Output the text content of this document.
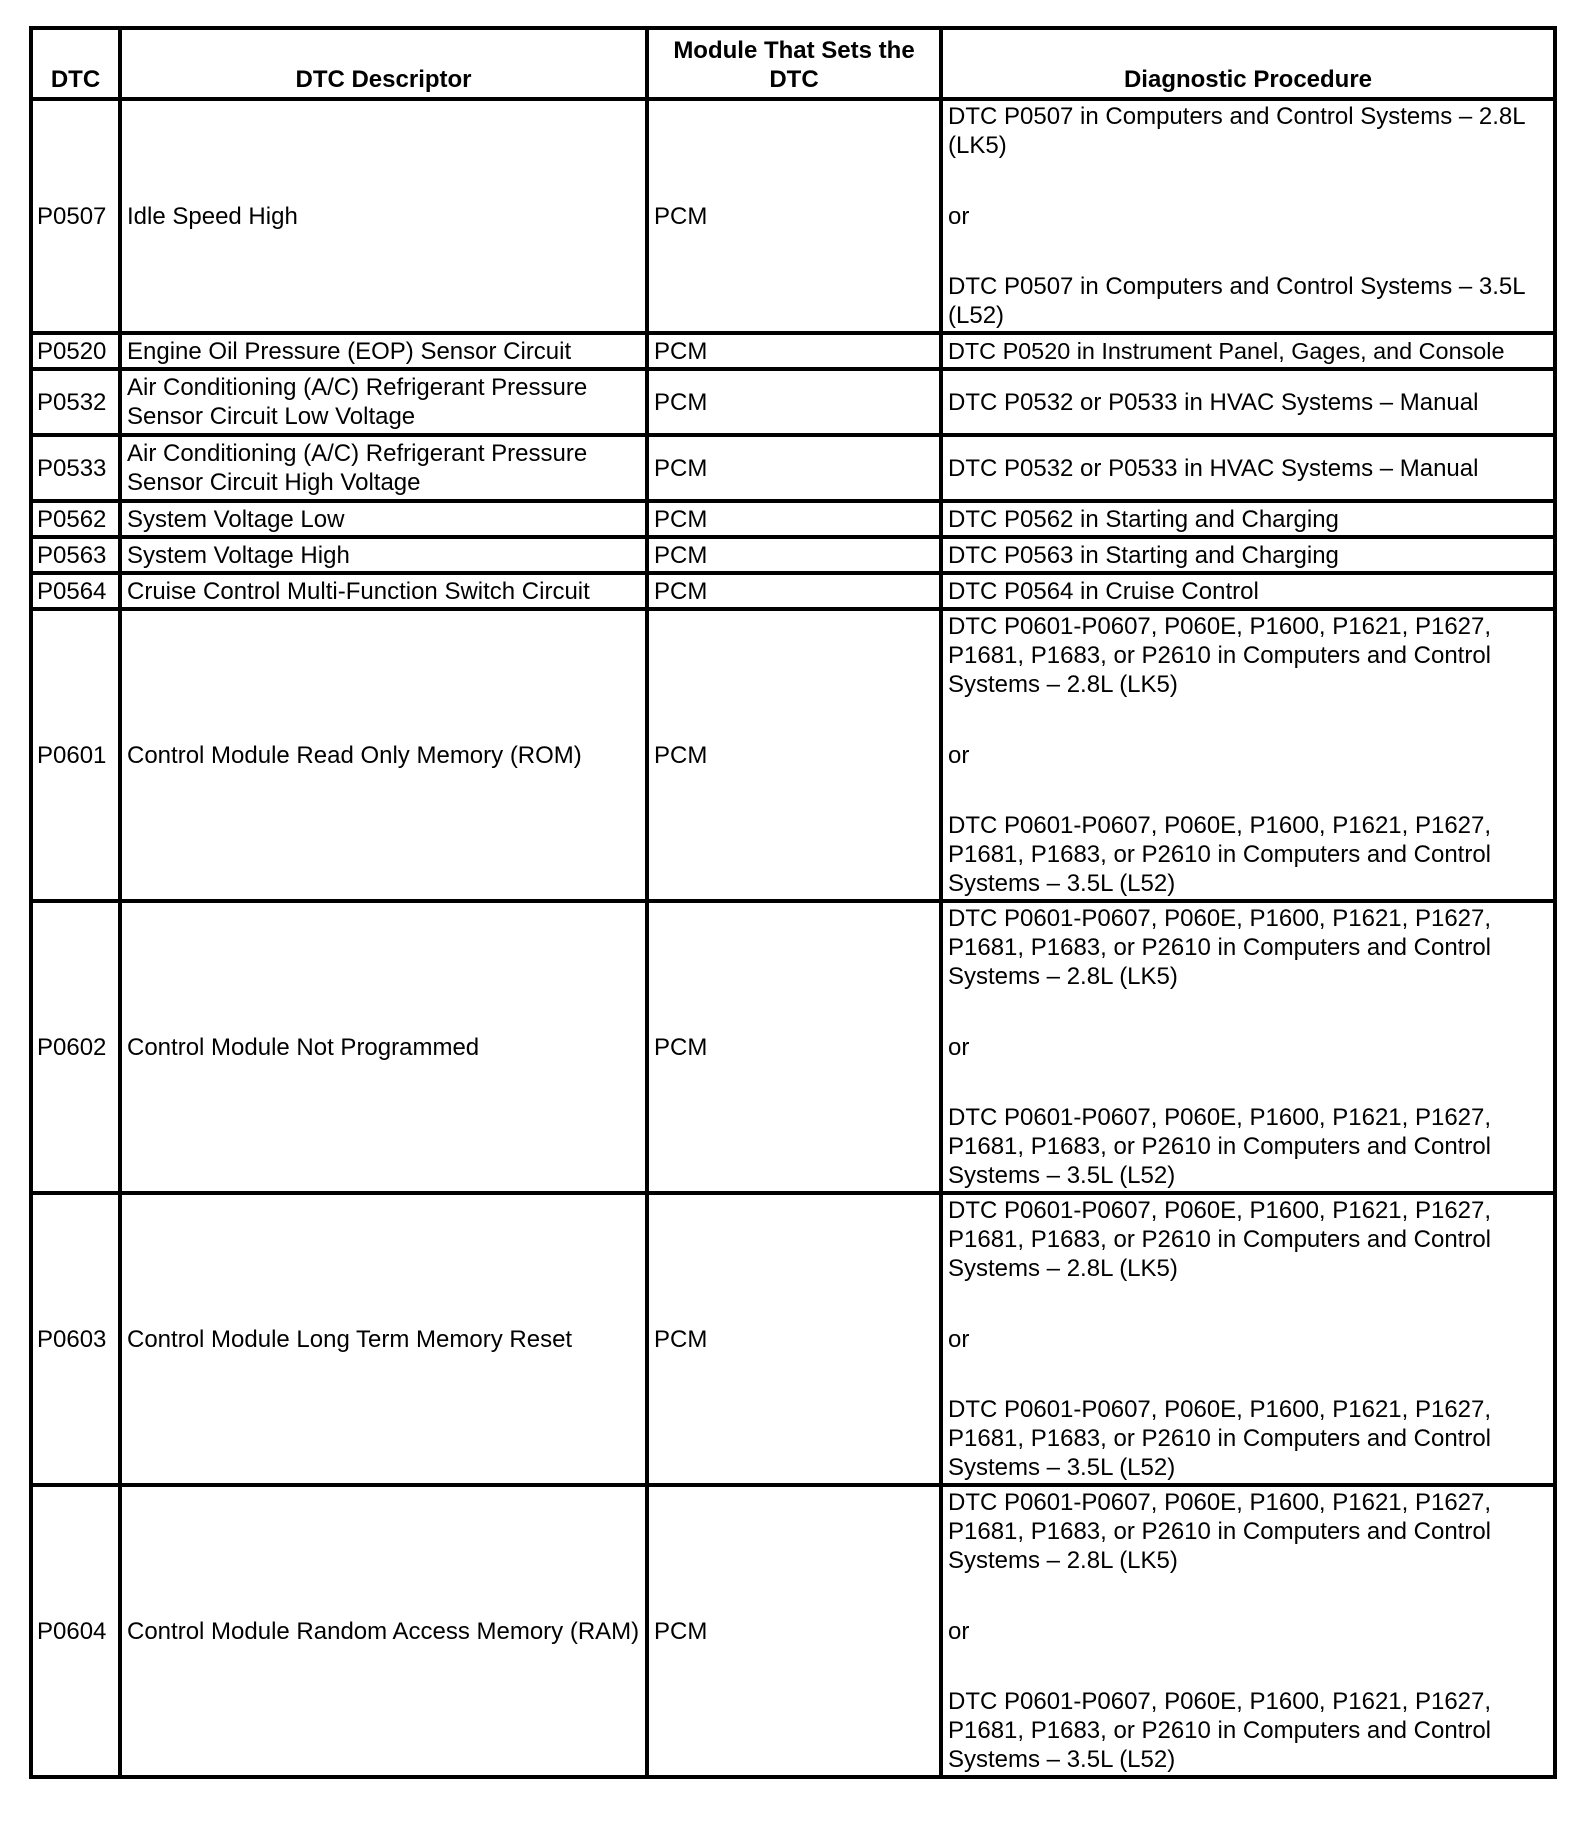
DTC	DTC Descriptor	Module That Sets the DTC	Diagnostic Procedure
P0507	Idle Speed High	PCM	DTC P0507 in Computers and Control Systems – 2.8L (LK5)
or
DTC P0507 in Computers and Control Systems – 3.5L (L52)

P0520	Engine Oil Pressure (EOP) Sensor Circuit	PCM	DTC P0520 in Instrument Panel, Gages, and Console
P0532	Air Conditioning (A/C) Refrigerant Pressure Sensor Circuit Low Voltage	PCM	DTC P0532 or P0533 in HVAC Systems – Manual
P0533	Air Conditioning (A/C) Refrigerant Pressure Sensor Circuit High Voltage	PCM	DTC P0532 or P0533 in HVAC Systems – Manual
P0562	System Voltage Low	PCM	DTC P0562 in Starting and Charging
P0563	System Voltage High	PCM	DTC P0563 in Starting and Charging
P0564	Cruise Control Multi-Function Switch Circuit	PCM	DTC P0564 in Cruise Control
P0601	Control Module Read Only Memory (ROM)	PCM	DTC P0601-P0607, P060E, P1600, P1621, P1627, P1681, P1683, or P2610 in Computers and Control Systems – 2.8L (LK5)
or
DTC P0601-P0607, P060E, P1600, P1621, P1627, P1681, P1683, or P2610 in Computers and Control Systems – 3.5L (L52)

P0602	Control Module Not Programmed	PCM	DTC P0601-P0607, P060E, P1600, P1621, P1627, P1681, P1683, or P2610 in Computers and Control Systems – 2.8L (LK5)
or
DTC P0601-P0607, P060E, P1600, P1621, P1627, P1681, P1683, or P2610 in Computers and Control Systems – 3.5L (L52)

P0603	Control Module Long Term Memory Reset	PCM	DTC P0601-P0607, P060E, P1600, P1621, P1627, P1681, P1683, or P2610 in Computers and Control Systems – 2.8L (LK5)
or
DTC P0601-P0607, P060E, P1600, P1621, P1627, P1681, P1683, or P2610 in Computers and Control Systems – 3.5L (L52)

P0604	Control Module Random Access Memory (RAM)	PCM	DTC P0601-P0607, P060E, P1600, P1621, P1627, P1681, P1683, or P2610 in Computers and Control Systems – 2.8L (LK5)
or
DTC P0601-P0607, P060E, P1600, P1621, P1627, P1681, P1683, or P2610 in Computers and Control Systems – 3.5L (L52)
